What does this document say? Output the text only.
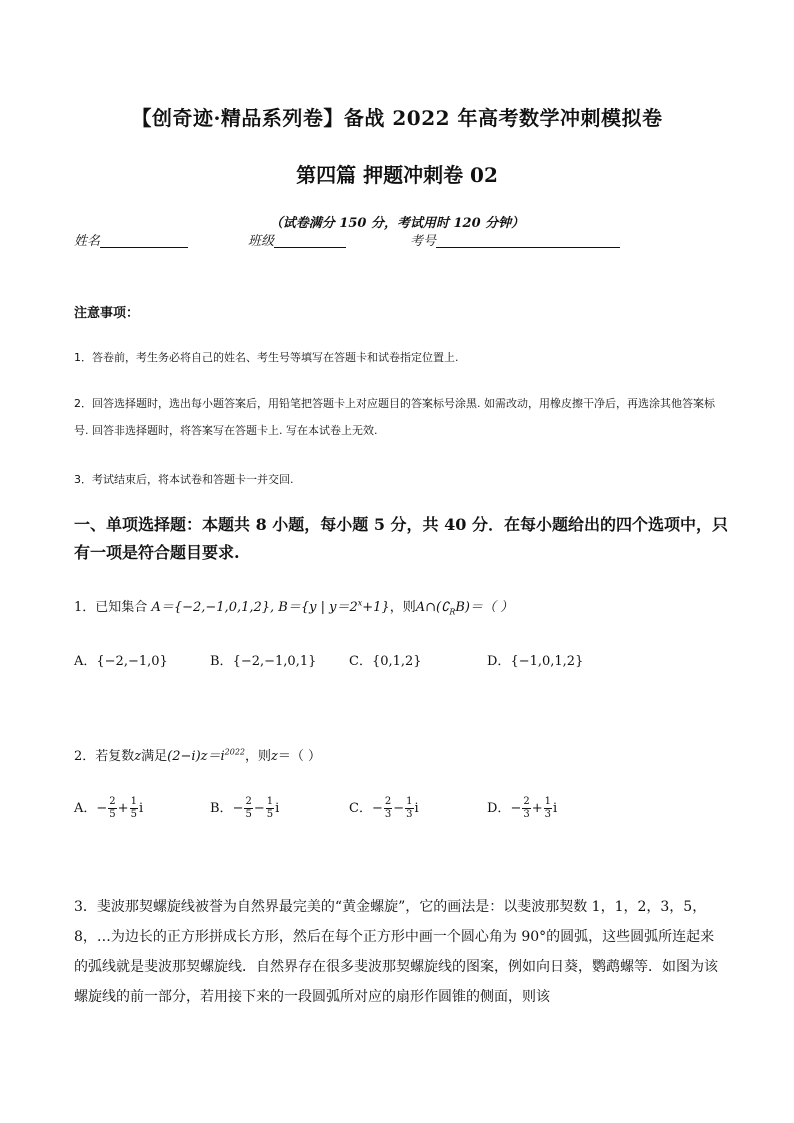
【创奇迹·精品系列卷】备战 2022 年高考数学冲刺模拟卷
第四篇 押题冲刺卷 02
（试卷满分 150 分，考试用时 120 分钟）
姓名	班级	考号
注意事项：
1．答卷前，考生务必将自己的姓名、考生号等填写在答题卡和试卷指定位置上.
2．回答选择题时，选出每小题答案后，用铅笔把答题卡上对应题目的答案标号涂黑. 如需改动，用橡皮擦干净后，再选涂其他答案标号. 回答非选择题时，将答案写在答题卡上. 写在本试卷上无效.
3．考试结束后，将本试卷和答题卡一并交回.
一、单项选择题：本题共 8 小题，每小题 5 分，共 40 分．在每小题给出的四个选项中，只有一项是符合题目要求.
1．已知集合 A＝{−2,−1,0,1,2}, B＝{y | $y=2^x+1$}，则$A\cap(∁_RB)=$（ ）
A．{−2,−1,0}	B．{−2,−1,0,1}	C．{0,1,2}	D．{−1,0,1,2}
2．若复数z满足$(2-i)z=i^{2022}$，则z＝（ ）
A．− $\frac{2}{5} + \frac{1}{5}$ i	B．− $\frac{2}{5} - \frac{1}{5}$ i	C．− $\frac{2}{3} - \frac{1}{3}$ i	D．− $\frac{2}{3} + \frac{1}{3}$ i
3．斐波那契螺旋线被誉为自然界最完美的“黄金螺旋”，它的画法是：以斐波那契数 1，1，2，3，5，8，…为边长的正方形拼成长方形，然后在每个正方形中画一个圆心角为 90°的圆弧，这些圆弧所连起来的弧线就是斐波那契螺旋线．自然界存在很多斐波那契螺旋线的图案，例如向日葵，鹦鹉螺等．如图为该螺旋线的前一部分，若用接下来的一段圆弧所对应的扇形作圆锥的侧面，则该
